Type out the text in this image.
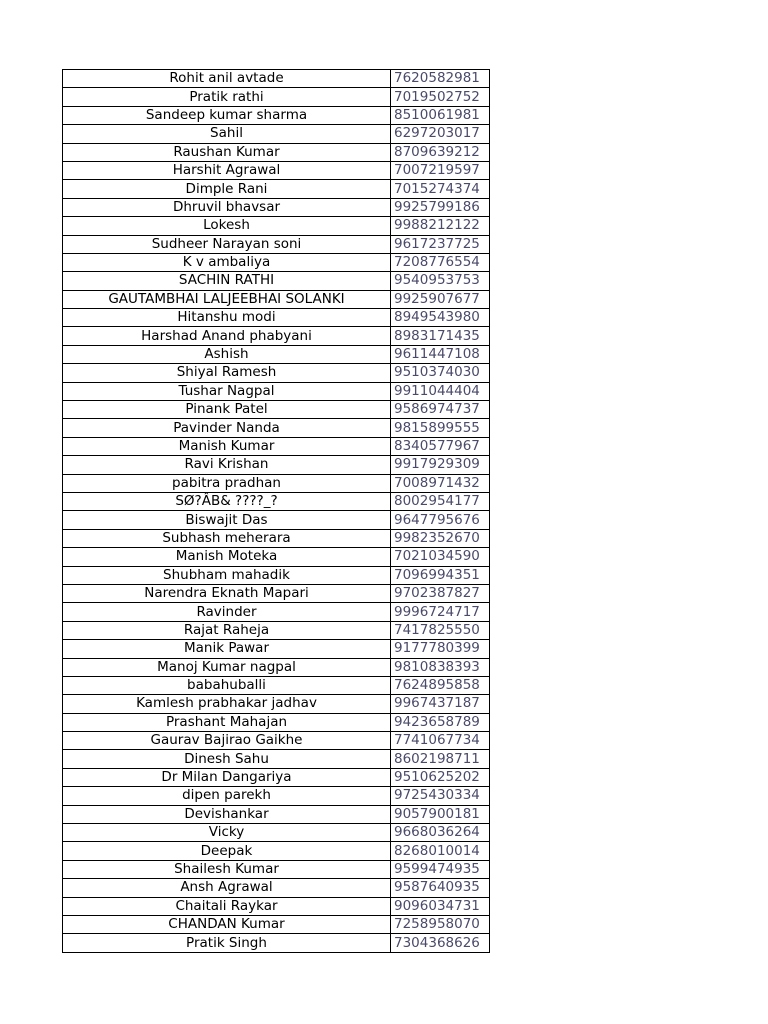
Rohit anil avtade	7620582981
Pratik rathi	7019502752
Sandeep kumar sharma	8510061981
Sahil	6297203017
Raushan Kumar	8709639212
Harshit Agrawal	7007219597
Dimple Rani	7015274374
Dhruvil bhavsar	9925799186
Lokesh	9988212122
Sudheer Narayan soni	9617237725
K v ambaliya	7208776554
SACHIN RATHI	9540953753
GAUTAMBHAI LALJEEBHAI SOLANKI	9925907677
Hitanshu modi	8949543980
Harshad Anand phabyani	8983171435
Ashish	9611447108
Shiyal Ramesh	9510374030
Tushar Nagpal	9911044404
Pinank Patel	9586974737
Pavinder Nanda	9815899555
Manish Kumar	8340577967
Ravi Krishan	9917929309
pabitra pradhan	7008971432
SØ?ÂB& ????_?	8002954177
Biswajit Das	9647795676
Subhash meherara	9982352670
Manish Moteka	7021034590
Shubham mahadik	7096994351
Narendra Eknath Mapari	9702387827
Ravinder	9996724717
Rajat Raheja	7417825550
Manik Pawar	9177780399
Manoj Kumar nagpal	9810838393
babahuballi	7624895858
Kamlesh prabhakar jadhav	9967437187
Prashant Mahajan	9423658789
Gaurav Bajirao Gaikhe	7741067734
Dinesh Sahu	8602198711
Dr Milan Dangariya	9510625202
dipen parekh	9725430334
Devishankar	9057900181
Vicky	9668036264
Deepak	8268010014
Shailesh Kumar	9599474935
Ansh Agrawal	9587640935
Chaitali Raykar	9096034731
CHANDAN Kumar	7258958070
Pratik Singh	7304368626
